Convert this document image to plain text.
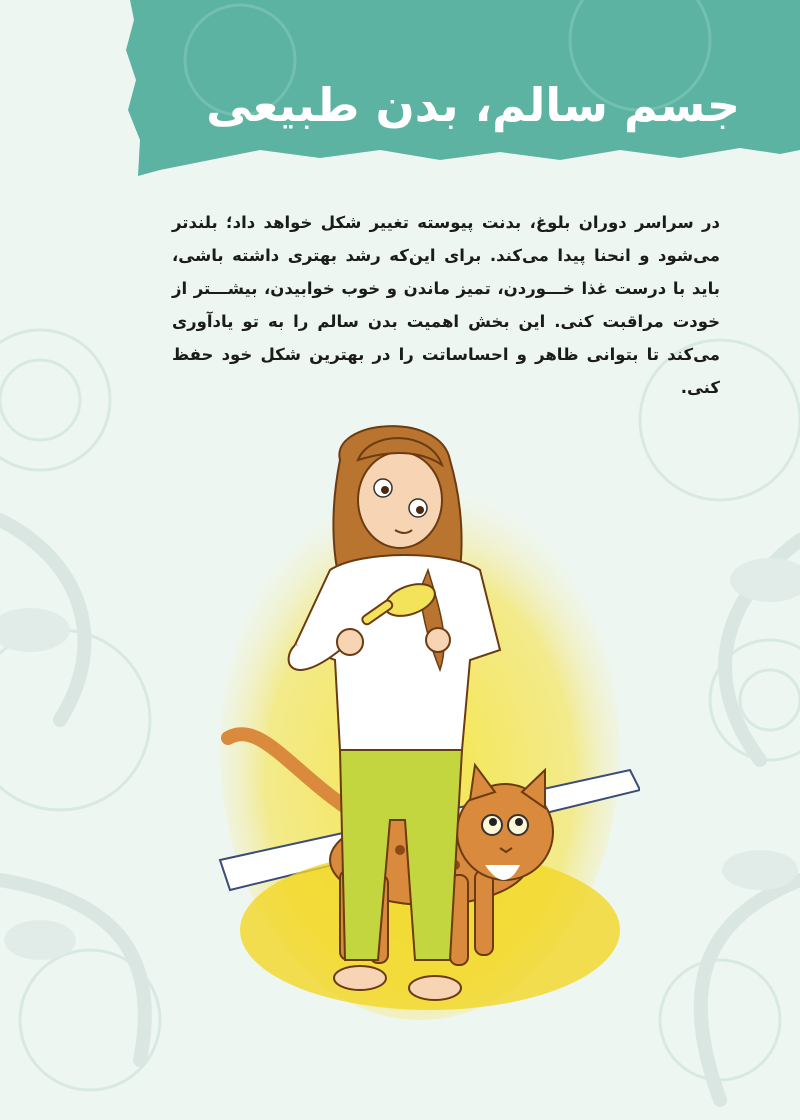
جسم سالم، بدن طبیعی

در سراسر دوران بلوغ، بدنت پیوسته تغییر شکل خواهد داد؛ بلندتر می‌شود و انحنا پیدا می‌کند. برای این‌که رشد بهتری داشته باشی، باید با درست غذا خـــوردن، تمیز ماندن و خوب خوابیدن، بیشـــتر از خودت مراقبت کنی. این بخش اهمیت بدن سالم را به تو یادآوری می‌کند تا بتوانی ظاهر و احساساتت را در بهترین شکل خود حفظ کنی.
